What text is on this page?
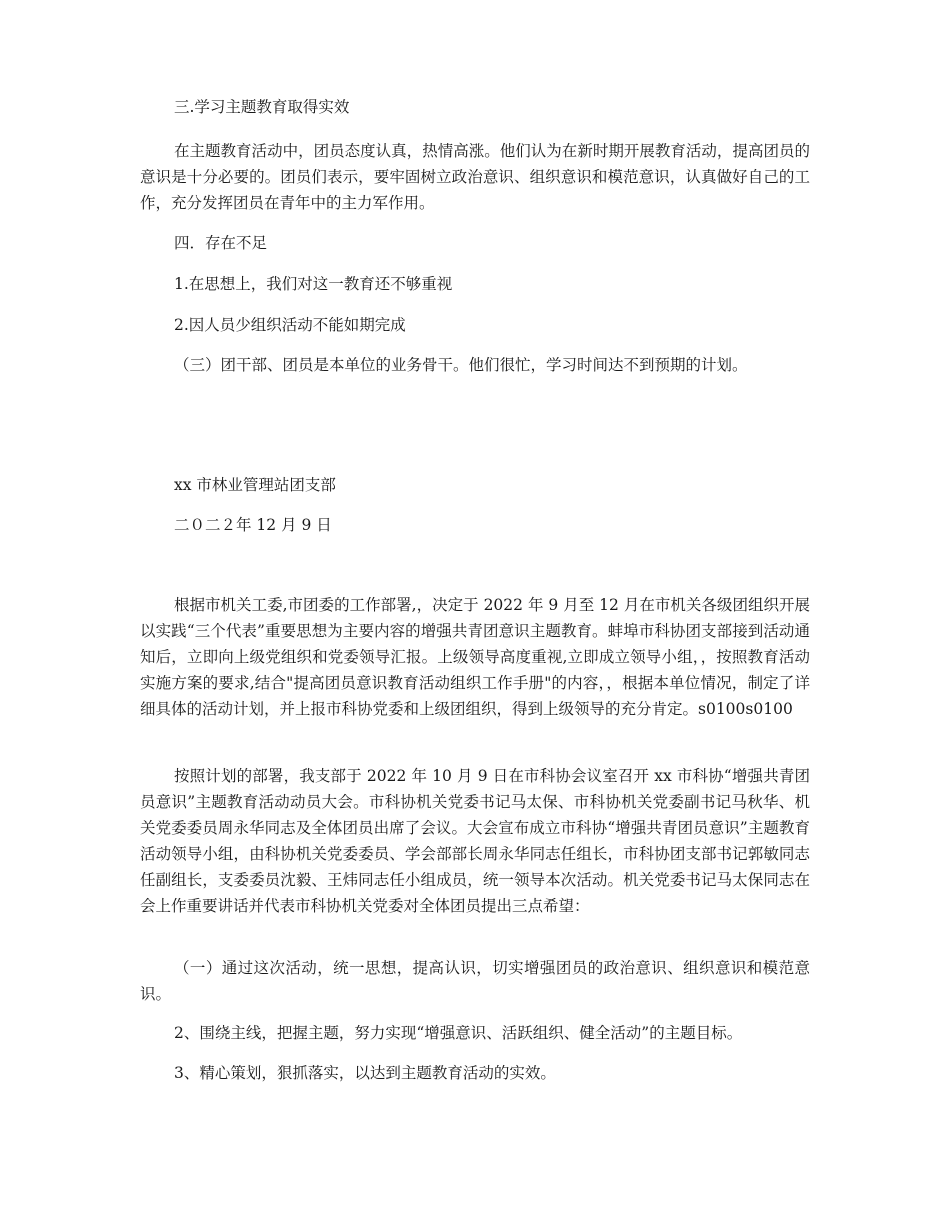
三.学习主题教育取得实效

在主题教育活动中，团员态度认真，热情高涨。他们认为在新时期开展教育活动，提高团员的意识是十分必要的。团员们表示，要牢固树立政治意识、组织意识和模范意识，认真做好自己的工作，充分发挥团员在青年中的主力军作用。

四．存在不足

1.在思想上，我们对这一教育还不够重视

2.因人员少组织活动不能如期完成

（三）团干部、团员是本单位的业务骨干。他们很忙，学习时间达不到预期的计划。

xx 市林业管理站团支部

二０二２年 12 月 9 日

根据市机关工委,市团委的工作部署,，决定于 2022 年 9 月至 12 月在市机关各级团组织开展以实践“三个代表”重要思想为主要内容的增强共青团意识主题教育。蚌埠市科协团支部接到活动通知后，立即向上级党组织和党委领导汇报。上级领导高度重视,立即成立领导小组，，按照教育活动实施方案的要求,结合"提高团员意识教育活动组织工作手册"的内容，，根据本单位情况，制定了详细具体的活动计划，并上报市科协党委和上级团组织，得到上级领导的充分肯定。s0100s0100

按照计划的部署，我支部于 2022 年 10 月 9 日在市科协会议室召开 xx 市科协“增强共青团员意识”主题教育活动动员大会。市科协机关党委书记马太保、市科协机关党委副书记马秋华、机关党委委员周永华同志及全体团员出席了会议。大会宣布成立市科协“增强共青团员意识”主题教育活动领导小组，由科协机关党委委员、学会部部长周永华同志任组长，市科协团支部书记郭敏同志任副组长，支委委员沈毅、王炜同志任小组成员，统一领导本次活动。机关党委书记马太保同志在会上作重要讲话并代表市科协机关党委对全体团员提出三点希望：

（一）通过这次活动，统一思想，提高认识，切实增强团员的政治意识、组织意识和模范意识。

2、围绕主线，把握主题，努力实现“增强意识、活跃组织、健全活动”的主题目标。

3、精心策划，狠抓落实，以达到主题教育活动的实效。
